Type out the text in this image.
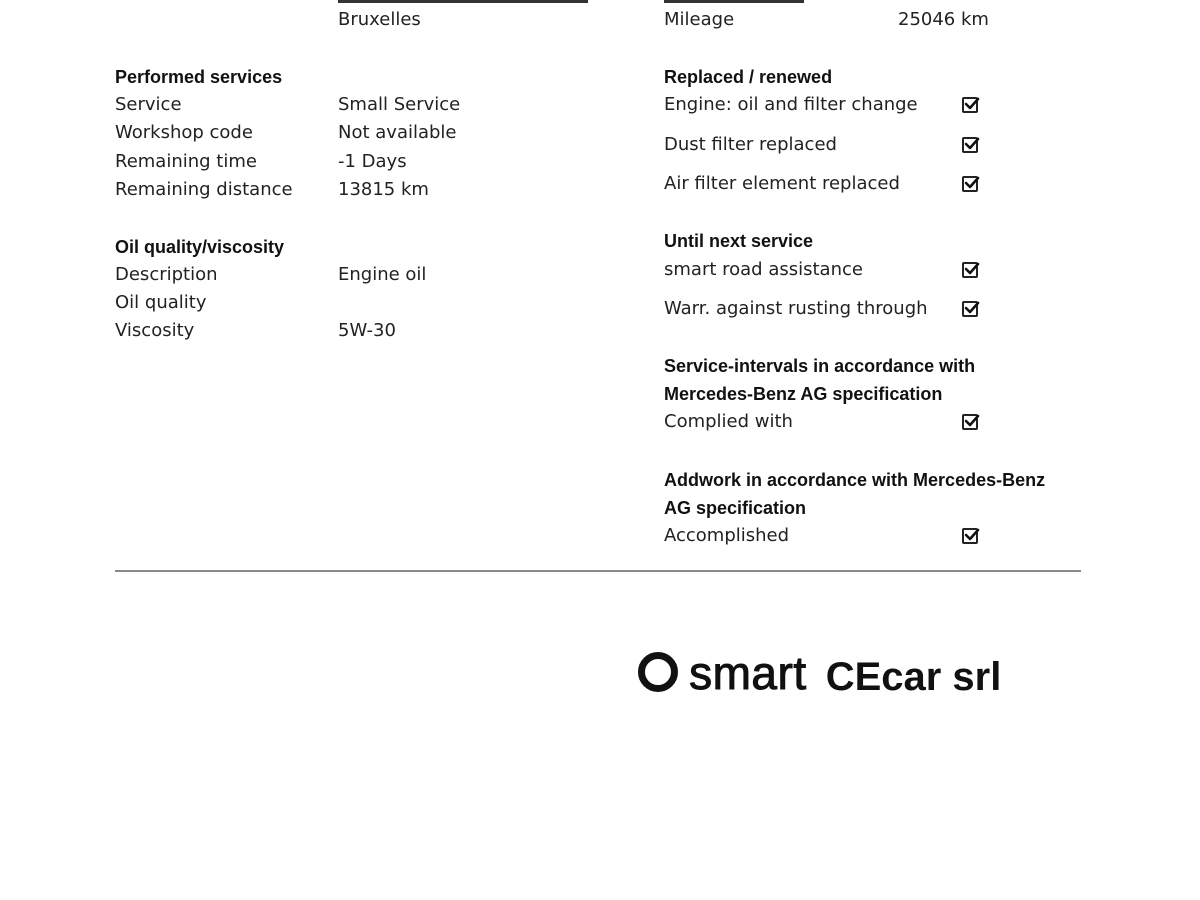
Bruxelles	Mileage	25046 km
Performed services
Service	Small Service
Workshop code	Not available
Remaining time	-1 Days
Remaining distance	13815 km
Oil quality/viscosity
Description	Engine oil
Oil quality
Viscosity	5W-30
Replaced / renewed
Engine: oil and filter change
Dust filter replaced
Air filter element replaced
Until next service
smart road assistance
Warr. against rusting through
Service-intervals in accordance with
Mercedes-Benz AG specification
Complied with
Addwork in accordance with Mercedes-Benz
AG specification
Accomplished
smart CEcar srl
